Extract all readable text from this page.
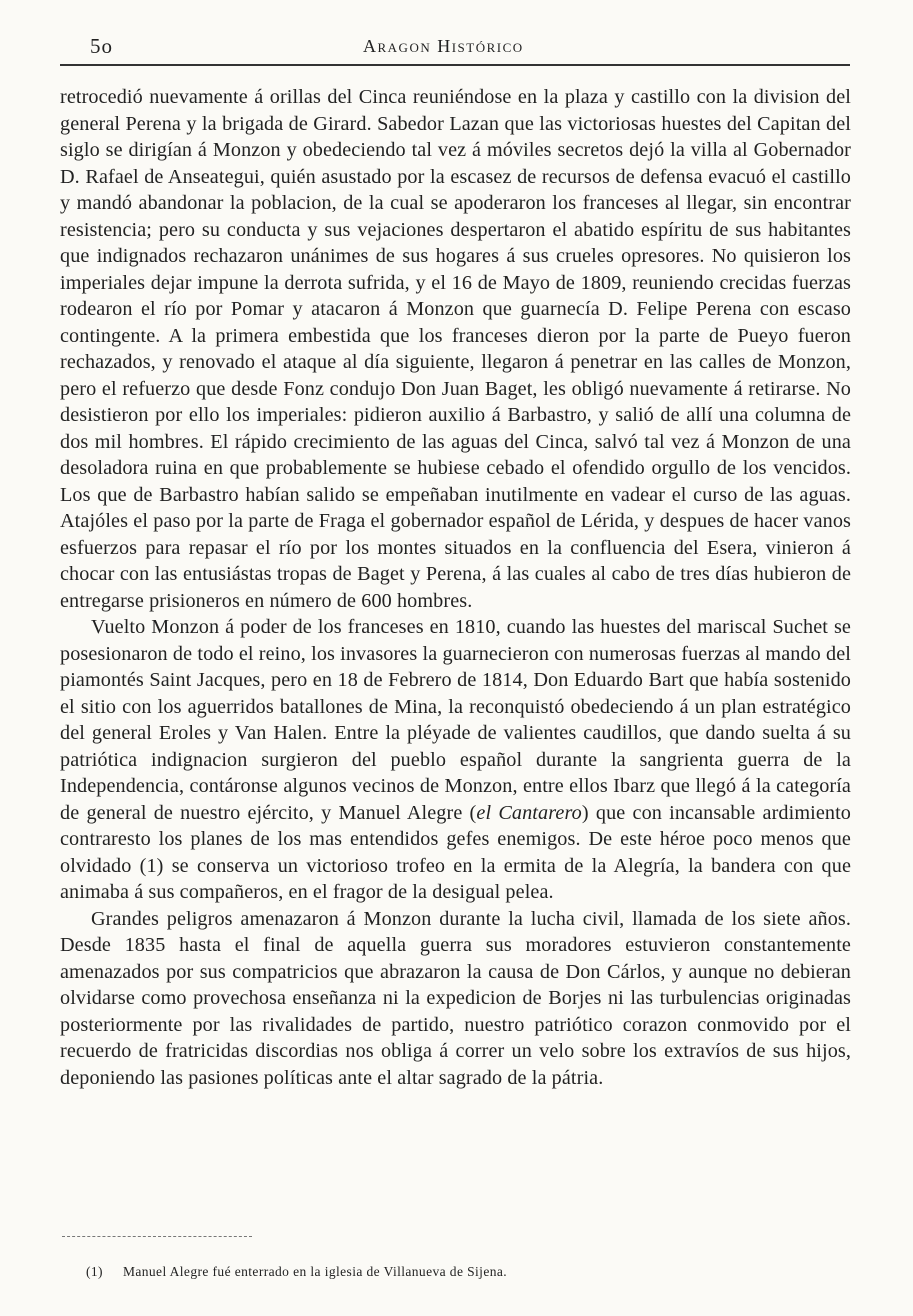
5o	Aragon Histórico

retrocedió nuevamente á orillas del Cinca reuniéndose en la plaza y castillo con la division del general Perena y la brigada de Girard. Sabedor Lazan que las victoriosas huestes del Capitan del siglo se dirigían á Monzon y obedeciendo tal vez á móviles secretos dejó la villa al Gobernador D. Rafael de Anseategui, quién asustado por la escasez de recursos de defensa evacuó el castillo y mandó abandonar la poblacion, de la cual se apoderaron los franceses al llegar, sin encontrar resistencia; pero su conducta y sus vejaciones despertaron el abatido espíritu de sus habitantes que indignados rechazaron unánimes de sus hogares á sus crueles opresores. No quisieron los imperiales dejar impune la derrota sufrida, y el 16 de Mayo de 1809, reuniendo crecidas fuerzas rodearon el río por Pomar y atacaron á Monzon que guarnecía D. Felipe Perena con escaso contingente. A la primera embestida que los franceses dieron por la parte de Pueyo fueron rechazados, y renovado el ataque al día siguiente, llegaron á penetrar en las calles de Monzon, pero el refuerzo que desde Fonz condujo Don Juan Baget, les obligó nuevamente á retirarse. No desistieron por ello los imperiales: pidieron auxilio á Barbastro, y salió de allí una columna de dos mil hombres. El rápido crecimiento de las aguas del Cinca, salvó tal vez á Monzon de una desoladora ruina en que probablemente se hubiese cebado el ofendido orgullo de los vencidos. Los que de Barbastro habían salido se empeñaban inutilmente en vadear el curso de las aguas. Atajóles el paso por la parte de Fraga el gobernador español de Lérida, y despues de hacer vanos esfuerzos para repasar el río por los montes situados en la confluencia del Esera, vinieron á chocar con las entusiástas tropas de Baget y Perena, á las cuales al cabo de tres días hubieron de entregarse prisioneros en número de 600 hombres.

Vuelto Monzon á poder de los franceses en 1810, cuando las huestes del mariscal Suchet se posesionaron de todo el reino, los invasores la guarnecieron con numerosas fuerzas al mando del piamontés Saint Jacques, pero en 18 de Febrero de 1814, Don Eduardo Bart que había sostenido el sitio con los aguerridos batallones de Mina, la reconquistó obedeciendo á un plan estratégico del general Eroles y Van Halen. Entre la pléyade de valientes caudillos, que dando suelta á su patriótica indignacion surgieron del pueblo español durante la sangrienta guerra de la Independencia, contáronse algunos vecinos de Monzon, entre ellos Ibarz que llegó á la categoría de general de nuestro ejército, y Manuel Alegre (el Cantarero) que con incansable ardimiento contraresto los planes de los mas entendidos gefes enemigos. De este héroe poco menos que olvidado (1) se conserva un victorioso trofeo en la ermita de la Alegría, la bandera con que animaba á sus compañeros, en el fragor de la desigual pelea.

Grandes peligros amenazaron á Monzon durante la lucha civil, llamada de los siete años. Desde 1835 hasta el final de aquella guerra sus moradores estuvieron constantemente amenazados por sus compatricios que abrazaron la causa de Don Cárlos, y aunque no debieran olvidarse como provechosa enseñanza ni la expedicion de Borjes ni las turbulencias originadas posteriormente por las rivalidades de partido, nuestro patriótico corazon conmovido por el recuerdo de fratricidas discordias nos obliga á correr un velo sobre los extravíos de sus hijos, deponiendo las pasiones políticas ante el altar sagrado de la pátria.

(1) Manuel Alegre fué enterrado en la iglesia de Villanueva de Sijena.
